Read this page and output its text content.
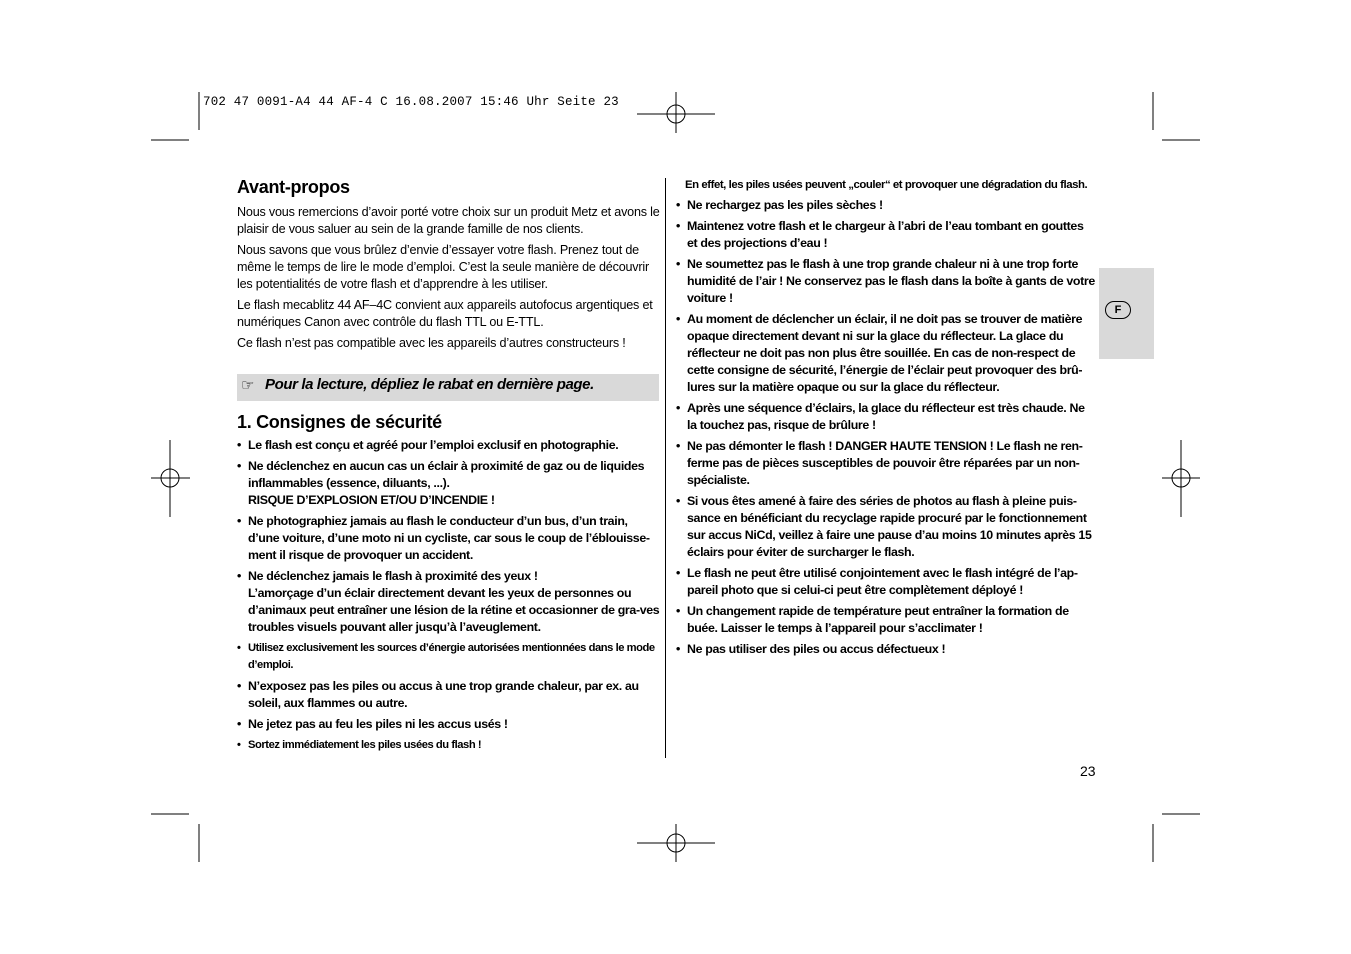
702 47 0091-A4 44 AF-4 C 16.08.2007 15:46 Uhr Seite 23
Avant-propos

Nous vous remercions d’avoir porté votre choix sur un produit Metz et avons le plaisir de vous saluer au sein de la grande famille de nos clients.

Nous savons que vous brûlez d’envie d’essayer votre flash. Prenez tout de même le temps de lire le mode d’emploi. C’est la seule manière de découvrir les potentialités de votre flash et d’apprendre à les utiliser.

Le flash mecablitz 44 AF–4C convient aux appareils autofocus argentiques et numériques Canon avec contrôle du flash TTL ou E-TTL.

Ce flash n’est pas compatible avec les appareils d’autres constructeurs !

☞ Pour la lecture, dépliez le rabat en dernière page.
1. Consignes de sécurité
• Le flash est conçu et agréé pour l’emploi exclusif en photographie.
• Ne déclenchez en aucun cas un éclair à proximité de gaz ou de liquides inflammables (essence, diluants, ...).
RISQUE D’EXPLOSION ET/OU D’INCENDIE !
• Ne photographiez jamais au flash le conducteur d’un bus, d’un train, d’une voiture, d’une moto ni un cycliste, car sous le coup de l’éblouisse-ment il risque de provoquer un accident.
• Ne déclenchez jamais le flash à proximité des yeux !
L’amorçage d’un éclair directement devant les yeux de personnes ou d’animaux peut entraîner une lésion de la rétine et occasionner de gra-ves troubles visuels pouvant aller jusqu’à l’aveuglement.
• Utilisez exclusivement les sources d’énergie autorisées mentionnées dans le mode d’emploi.
• N’exposez pas les piles ou accus à une trop grande chaleur, par ex. au soleil, aux flammes ou autre.
• Ne jetez pas au feu les piles ni les accus usés !
• Sortez immédiatement les piles usées du flash !

En effet, les piles usées peuvent „couler“ et provoquer une dégradation du flash.

• Ne rechargez pas les piles sèches !
• Maintenez votre flash et le chargeur à l’abri de l’eau tombant en gouttes et des projections d’eau !
• Ne soumettez pas le flash à une trop grande chaleur ni à une trop forte humidité de l’air ! Ne conservez pas le flash dans la boîte à gants de votre voiture !
• Au moment de déclencher un éclair, il ne doit pas se trouver de matière opaque directement devant ni sur la glace du réflecteur. La glace du réflecteur ne doit pas non plus être souillée. En cas de non-respect de cette consigne de sécurité, l’énergie de l’éclair peut provoquer des brû-lures sur la matière opaque ou sur la glace du réflecteur.
• Après une séquence d’éclairs, la glace du réflecteur est très chaude. Ne la touchez pas, risque de brûlure !
• Ne pas démonter le flash ! DANGER HAUTE TENSION ! Le flash ne ren-ferme pas de pièces susceptibles de pouvoir être réparées par un non-spécialiste.
• Si vous êtes amené à faire des séries de photos au flash à pleine puis-sance en bénéficiant du recyclage rapide procuré par le fonctionnement sur accus NiCd, veillez à faire une pause d’au moins 10 minutes après 15 éclairs pour éviter de surcharger le flash.
• Le flash ne peut être utilisé conjointement avec le flash intégré de l’ap-pareil photo que si celui-ci peut être complètement déployé !
• Un changement rapide de température peut entraîner la formation de buée. Laisser le temps à l’appareil pour s’acclimater !
• Ne pas utiliser des piles ou accus défectueux !
F
23
